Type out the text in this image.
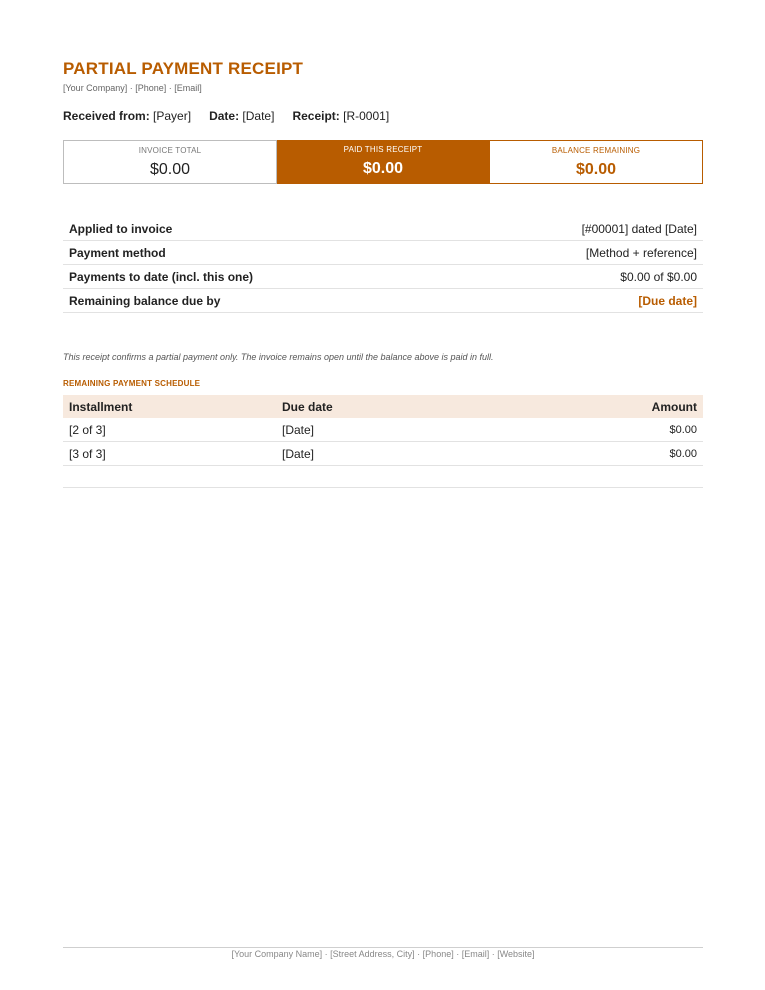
PARTIAL PAYMENT RECEIPT
[Your Company] · [Phone] · [Email]
Received from: [Payer] Date: [Date] Receipt: [R-0001]
INVOICE TOTAL
$0.00
PAID THIS RECEIPT
$0.00
BALANCE REMAINING
$0.00
Applied to invoice	[#00001] dated [Date]
Payment method	[Method + reference]
Payments to date (incl. this one)	$0.00 of $0.00
Remaining balance due by	[Due date]
This receipt confirms a partial payment only. The invoice remains open until the balance above is paid in full.
REMAINING PAYMENT SCHEDULE
Installment	Due date	Amount
[2 of 3]	[Date]	$0.00
[3 of 3]	[Date]	$0.00
[Your Company Name] · [Street Address, City] · [Phone] · [Email] · [Website]
